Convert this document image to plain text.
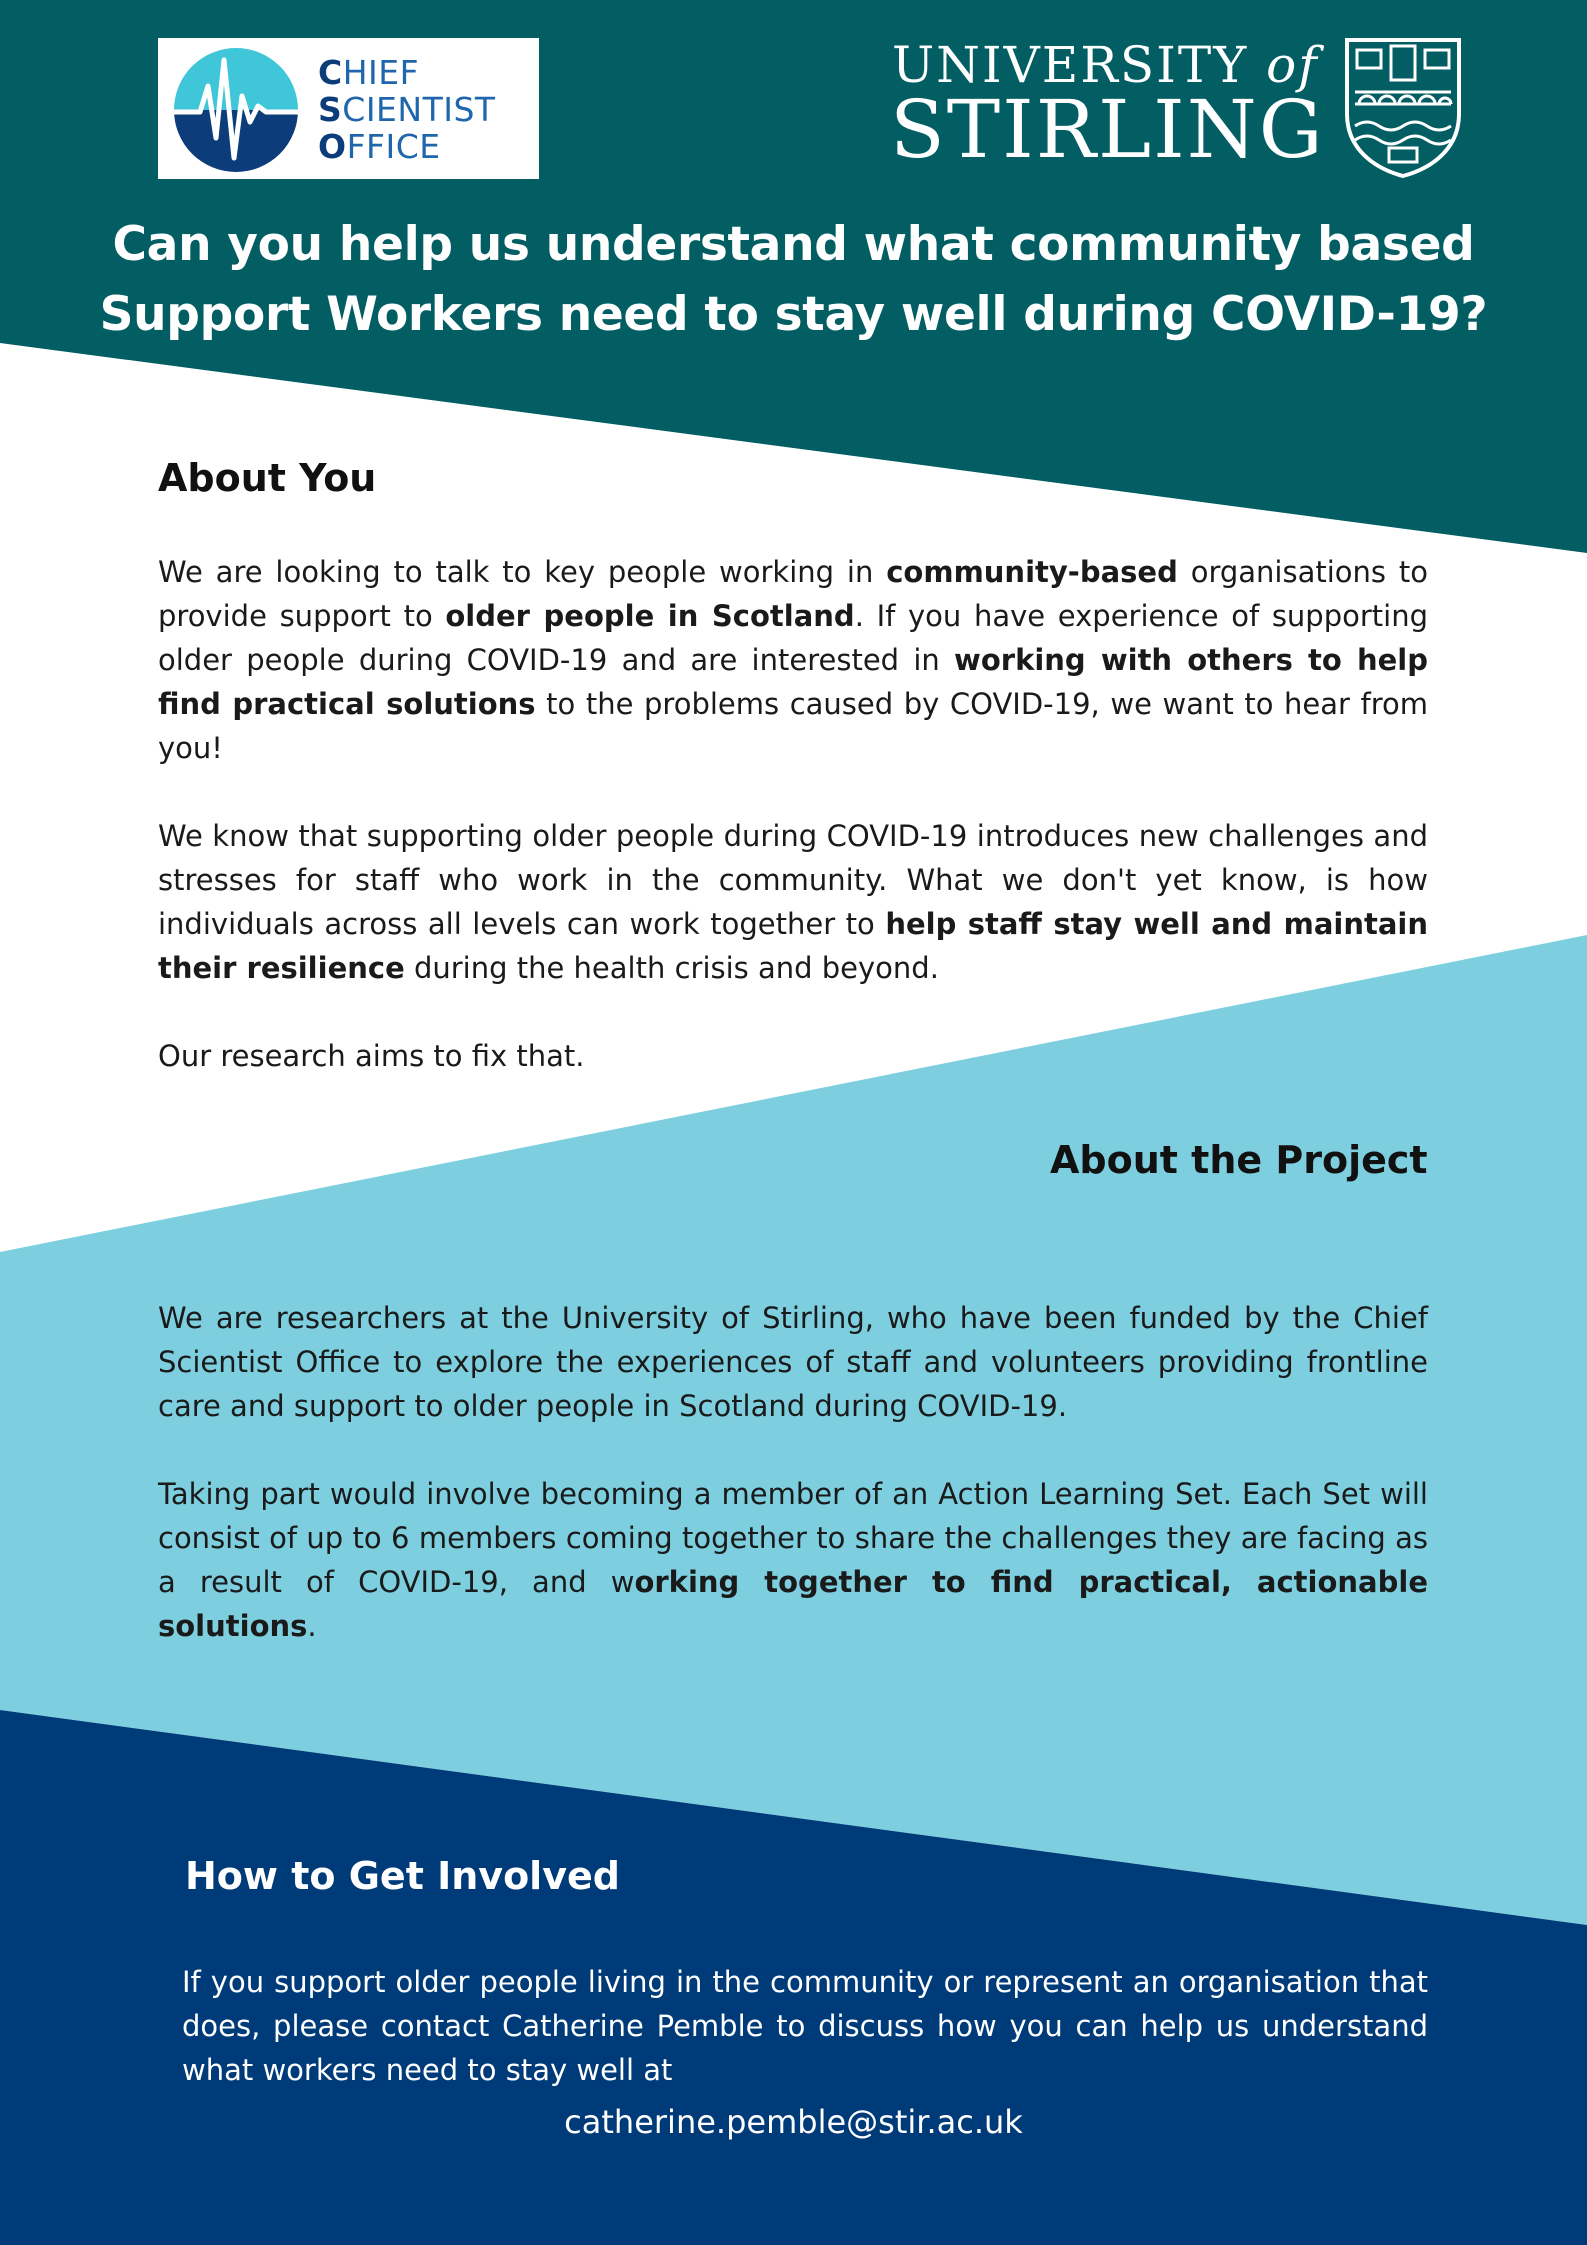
CHIEF
SCIENTIST
OFFICE
UNIVERSITY of
STIRLING
Can you help us understand what community based
Support Workers need to stay well during COVID-19?
About You
We are looking to talk to key people working in community-based organisations to provide support to older people in Scotland. If you have experience of supporting older people during COVID-19 and are interested in working with others to help find practical solutions to the problems caused by COVID-19, we want to hear from you!
We know that supporting older people during COVID-19 introduces new challenges and stresses for staff who work in the community. What we don't yet know, is how individuals across all levels can work together to help staff stay well and maintain their resilience during the health crisis and beyond.
Our research aims to fix that.
About the Project
We are researchers at the University of Stirling, who have been funded by the Chief Scientist Office to explore the experiences of staff and volunteers providing frontline care and support to older people in Scotland during COVID-19.
Taking part would involve becoming a member of an Action Learning Set. Each Set will consist of up to 6 members coming together to share the challenges they are facing as a result of COVID-19, and working together to find practical, actionable solutions.
How to Get Involved
If you support older people living in the community or represent an organisation that does, please contact Catherine Pemble to discuss how you can help us understand what workers need to stay well at
catherine.pemble@stir.ac.uk
